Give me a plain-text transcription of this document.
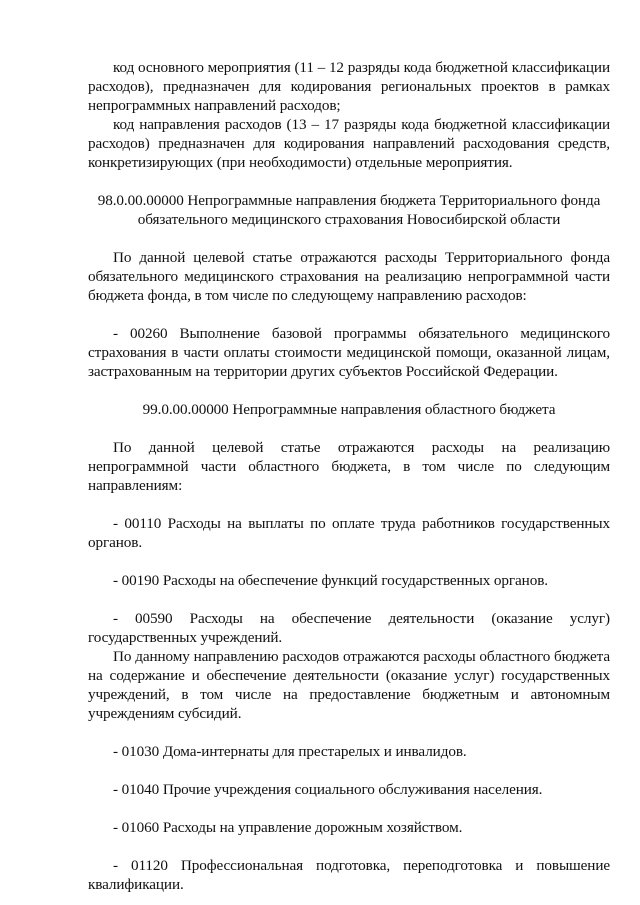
код основного мероприятия (11 – 12 разряды кода бюджетной классификации расходов), предназначен для кодирования региональных проектов в рамках непрограммных направлений расходов;

код направления расходов (13 – 17 разряды кода бюджетной классификации расходов) предназначен для кодирования направлений расходования средств, конкретизирующих (при необходимости) отдельные мероприятия.

98.0.00.00000 Непрограммные направления бюджета Территориального фонда обязательного медицинского страхования Новосибирской области

По данной целевой статье отражаются расходы Территориального фонда обязательного медицинского страхования на реализацию непрограммной части бюджета фонда, в том числе по следующему направлению расходов:

- 00260 Выполнение базовой программы обязательного медицинского страхования в части оплаты стоимости медицинской помощи, оказанной лицам, застрахованным на территории других субъектов Российской Федерации.

99.0.00.00000 Непрограммные направления областного бюджета

По данной целевой статье отражаются расходы на реализацию непрограммной части областного бюджета, в том числе по следующим направлениям:

- 00110 Расходы на выплаты по оплате труда работников государственных органов.

- 00190 Расходы на обеспечение функций государственных органов.

- 00590 Расходы на обеспечение деятельности (оказание услуг) государственных учреждений.

По данному направлению расходов отражаются расходы областного бюджета на содержание и обеспечение деятельности (оказание услуг) государственных учреждений, в том числе на предоставление бюджетным и автономным учреждениям субсидий.

- 01030 Дома-интернаты для престарелых и инвалидов.

- 01040 Прочие учреждения социального обслуживания населения.

- 01060 Расходы на управление дорожным хозяйством.

- 01120 Профессиональная подготовка, переподготовка и повышение квалификации.
